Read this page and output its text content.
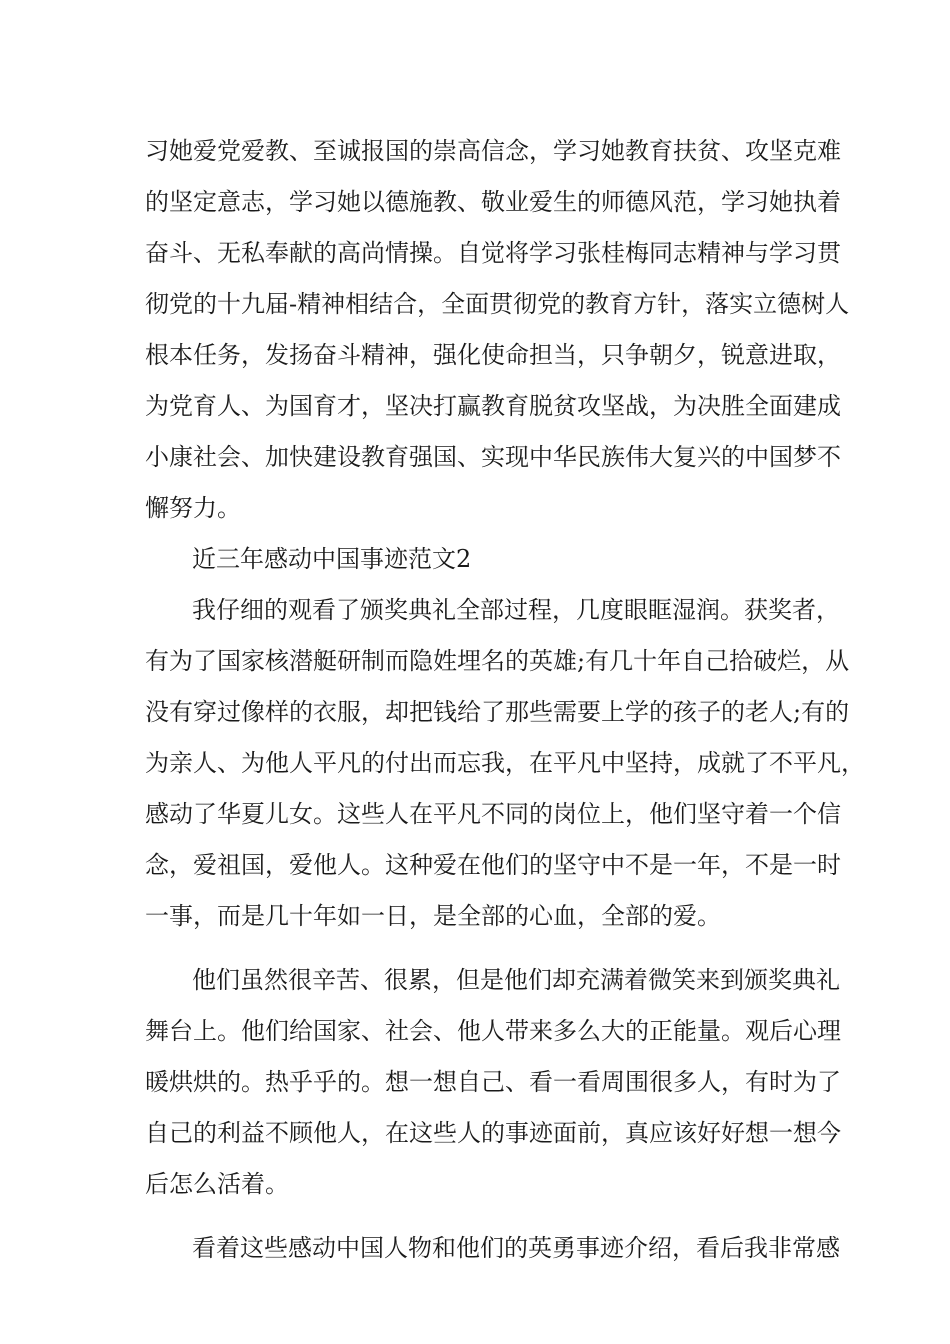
习她爱党爱教、至诚报国的崇高信念，学习她教育扶贫、攻坚克难
的坚定意志，学习她以德施教、敬业爱生的师德风范，学习她执着
奋斗、无私奉献的高尚情操。自觉将学习张桂梅同志精神与学习贯
彻党的十九届-精神相结合，全面贯彻党的教育方针，落实立德树人
根本任务，发扬奋斗精神，强化使命担当，只争朝夕，锐意进取，
为党育人、为国育才，坚决打赢教育脱贫攻坚战，为决胜全面建成
小康社会、加快建设教育强国、实现中华民族伟大复兴的中国梦不
懈努力。
近三年感动中国事迹范文2
我仔细的观看了颁奖典礼全部过程，几度眼眶湿润。获奖者，
有为了国家核潜艇研制而隐姓埋名的英雄;有几十年自己拾破烂，从
没有穿过像样的衣服，却把钱给了那些需要上学的孩子的老人;有的
为亲人、为他人平凡的付出而忘我，在平凡中坚持，成就了不平凡，
感动了华夏儿女。这些人在平凡不同的岗位上，他们坚守着一个信
念，爱祖国，爱他人。这种爱在他们的坚守中不是一年，不是一时
一事，而是几十年如一日，是全部的心血，全部的爱。
他们虽然很辛苦、很累，但是他们却充满着微笑来到颁奖典礼
舞台上。他们给国家、社会、他人带来多么大的正能量。观后心理
暖烘烘的。热乎乎的。想一想自己、看一看周围很多人，有时为了
自己的利益不顾他人，在这些人的事迹面前，真应该好好想一想今
后怎么活着。
看着这些感动中国人物和他们的英勇事迹介绍，看后我非常感
